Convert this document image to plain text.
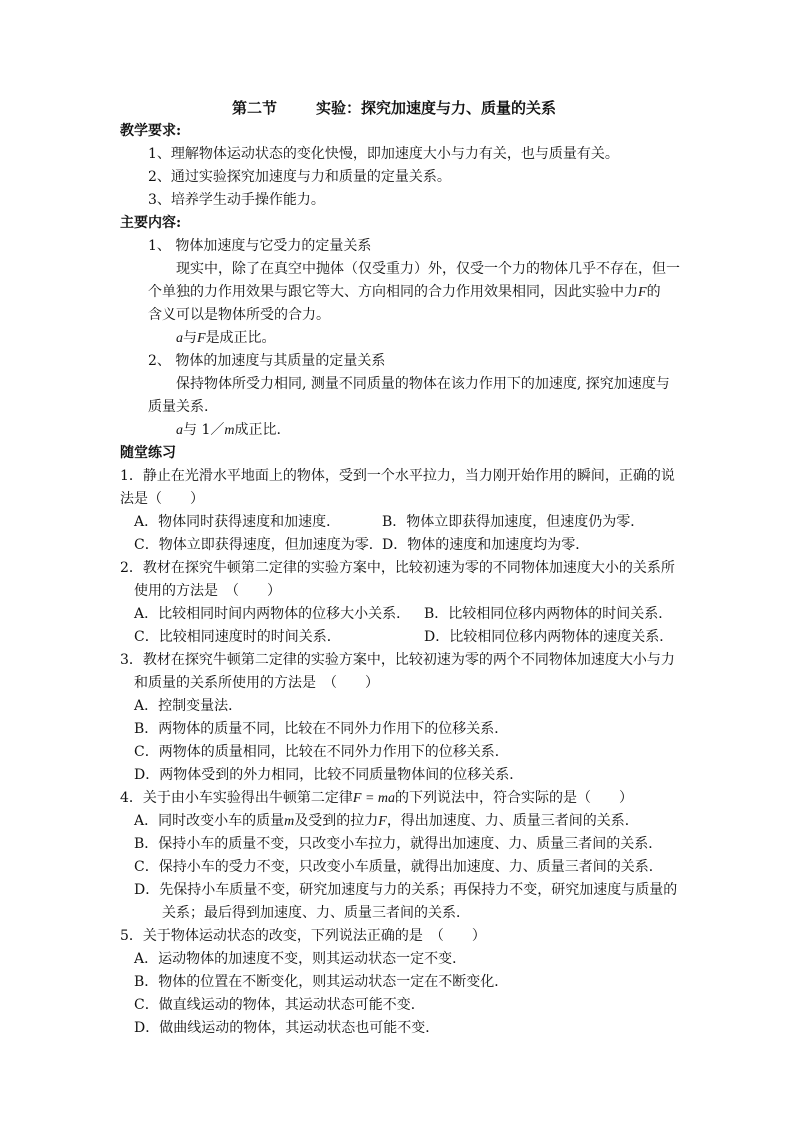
第二节	实验：探究加速度与力、质量的关系
教学要求:
1、理解物体运动状态的变化快慢，即加速度大小与力有关，也与质量有关。
2、通过实验探究加速度与力和质量的定量关系。
3、培养学生动手操作能力。
主要内容:
1、 物体加速度与它受力的定量关系
现实中，除了在真空中抛体（仅受重力）外，仅受一个力的物体几乎不存在，但一
个单独的力作用效果与跟它等大、方向相同的合力作用效果相同，因此实验中力F的
含义可以是物体所受的合力。
a与F是成正比。
2、 物体的加速度与其质量的定量关系
保持物体所受力相同, 测量不同质量的物体在该力作用下的加速度, 探究加速度与
质量关系.
a与 1／m成正比.
随堂练习
1．静止在光滑水平地面上的物体，受到一个水平拉力，当力刚开始作用的瞬间，正确的说
法是（　　）
A．物体同时获得速度和加速度．	B．物体立即获得加速度，但速度仍为零．
C．物体立即获得速度，但加速度为零． D．物体的速度和加速度均为零．
2．教材在探究牛顿第二定律的实验方案中，比较初速为零的不同物体加速度大小的关系所
使用的方法是　（　　）
A．比较相同时间内两物体的位移大小关系． B．比较相同位移内两物体的时间关系．
C．比较相同速度时的时间关系．	D．比较相同位移内两物体的速度关系．
3．教材在探究牛顿第二定律的实验方案中，比较初速为零的两个不同物体加速度大小与力
和质量的关系所使用的方法是　（　　）
A．控制变量法．
B．两物体的质量不同，比较在不同外力作用下的位移关系．
C．两物体的质量相同，比较在不同外力作用下的位移关系．
D．两物体受到的外力相同，比较不同质量物体间的位移关系．
4．关于由小车实验得出牛顿第二定律F = ma的下列说法中，符合实际的是（　　）
A．同时改变小车的质量m及受到的拉力F，得出加速度、力、质量三者间的关系．
B．保持小车的质量不变，只改变小车拉力，就得出加速度、力、质量三者间的关系．
C．保持小车的受力不变，只改变小车质量，就得出加速度、力、质量三者间的关系．
D．先保持小车质量不变，研究加速度与力的关系；再保持力不变，研究加速度与质量的
关系；最后得到加速度、力、质量三者间的关系．
5．关于物体运动状态的改变，下列说法正确的是　（　　）
A．运动物体的加速度不变，则其运动状态一定不变．
B．物体的位置在不断变化，则其运动状态一定在不断变化．
C．做直线运动的物体，其运动状态可能不变．
D．做曲线运动的物体，其运动状态也可能不变．
